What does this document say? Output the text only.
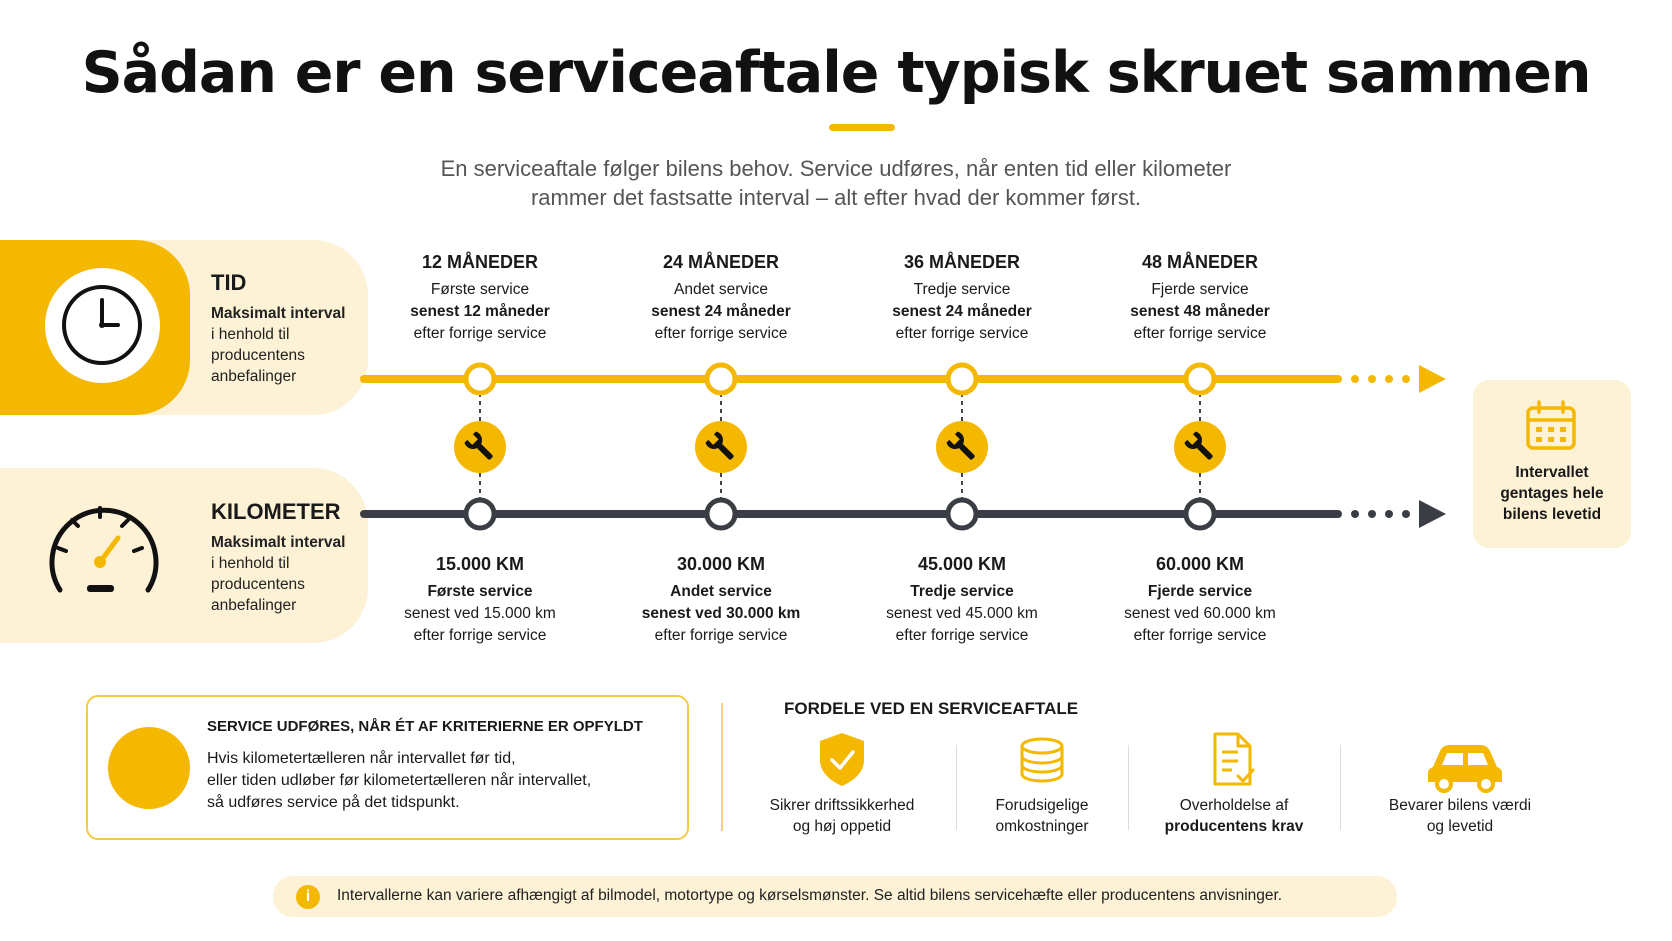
Sådan er en serviceaftale typisk skruet sammen
En serviceaftale følger bilens behov. Service udføres, når enten tid eller kilometer
rammer det fastsatte interval – alt efter hvad der kommer først.
TID
Maksimalt interval
i henhold til
producentens
anbefalinger
KILOMETER
Maksimalt interval
i henhold til
producentens
anbefalinger
Intervallet
gentages hele
bilens levetid
12 MÅNEDER
Første service
senest 12 måneder
efter forrige service
24 MÅNEDER
Andet service
senest 24 måneder
efter forrige service
36 MÅNEDER
Tredje service
senest 24 måneder
efter forrige service
48 MÅNEDER
Fjerde service
senest 48 måneder
efter forrige service
15.000 KM
Første service
senest ved 15.000 km
efter forrige service
30.000 KM
Andet service
senest ved 30.000 km
efter forrige service
45.000 KM
Tredje service
senest ved 45.000 km
efter forrige service
60.000 KM
Fjerde service
senest ved 60.000 km
efter forrige service
SERVICE UDFØRES, NÅR ÉT AF KRITERIERNE ER OPFYLDT
Hvis kilometertælleren når intervallet før tid,
eller tiden udløber før kilometertælleren når intervallet,
så udføres service på det tidspunkt.
FORDELE VED EN SERVICEAFTALE
Sikrer driftssikkerhed
og høj oppetid
Forudsigelige
omkostninger
Overholdelse af
producentens krav
Bevarer bilens værdi
og levetid
i	Intervallerne kan variere afhængigt af bilmodel, motortype og kørselsmønster. Se altid bilens servicehæfte eller producentens anvisninger.
